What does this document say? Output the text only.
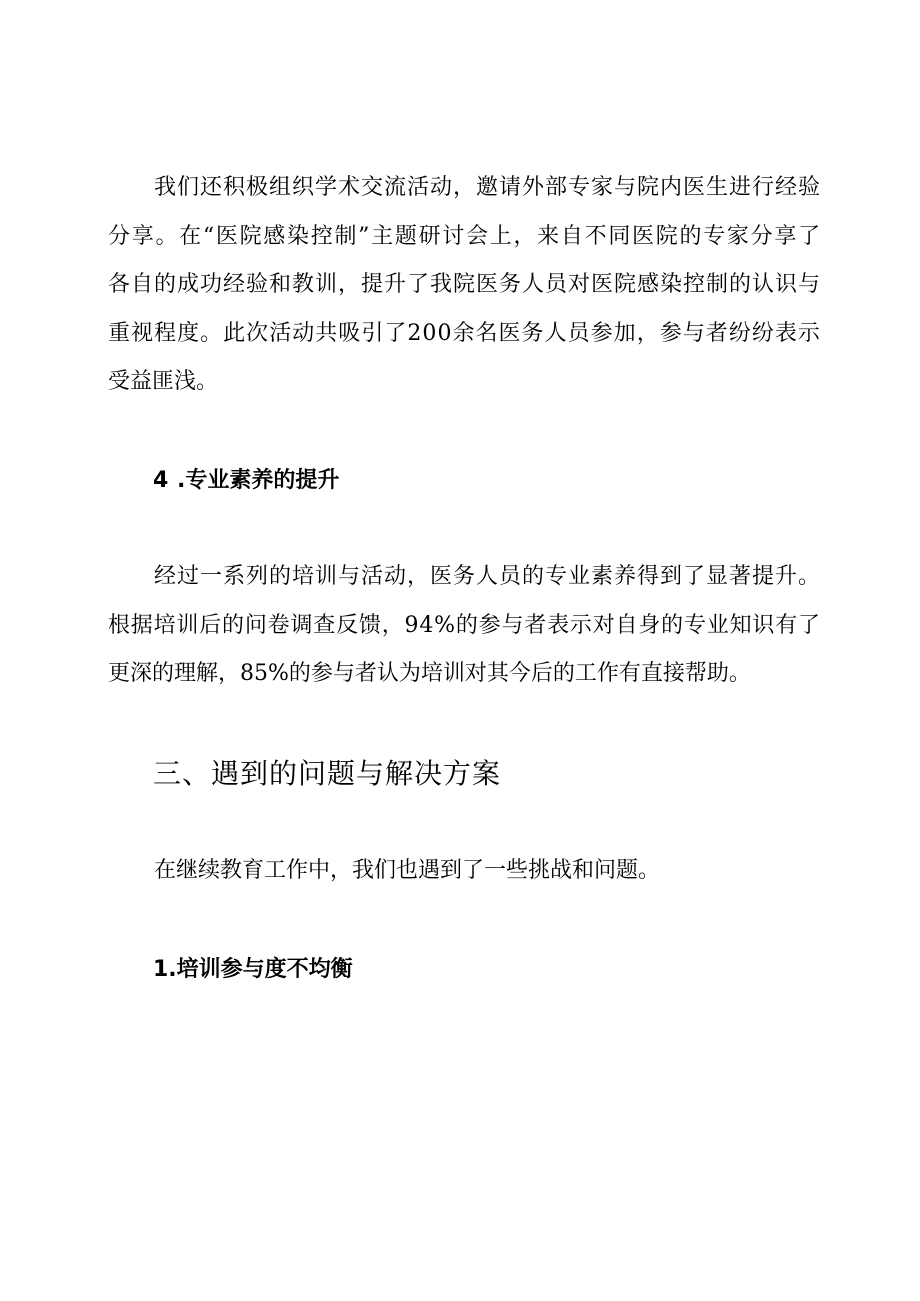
我们还积极组织学术交流活动，邀请外部专家与院内医生进行经验
分享。在“医院感染控制”主题研讨会上，来自不同医院的专家分享了
各自的成功经验和教训，提升了我院医务人员对医院感染控制的认识与
重视程度。此次活动共吸引了200余名医务人员参加，参与者纷纷表示
受益匪浅。
4 .专业素养的提升
经过一系列的培训与活动，医务人员的专业素养得到了显著提升。
根据培训后的问卷调查反馈，94%的参与者表示对自身的专业知识有了
更深的理解，85%的参与者认为培训对其今后的工作有直接帮助。
三、遇到的问题与解决方案
在继续教育工作中，我们也遇到了一些挑战和问题。
1.培训参与度不均衡
